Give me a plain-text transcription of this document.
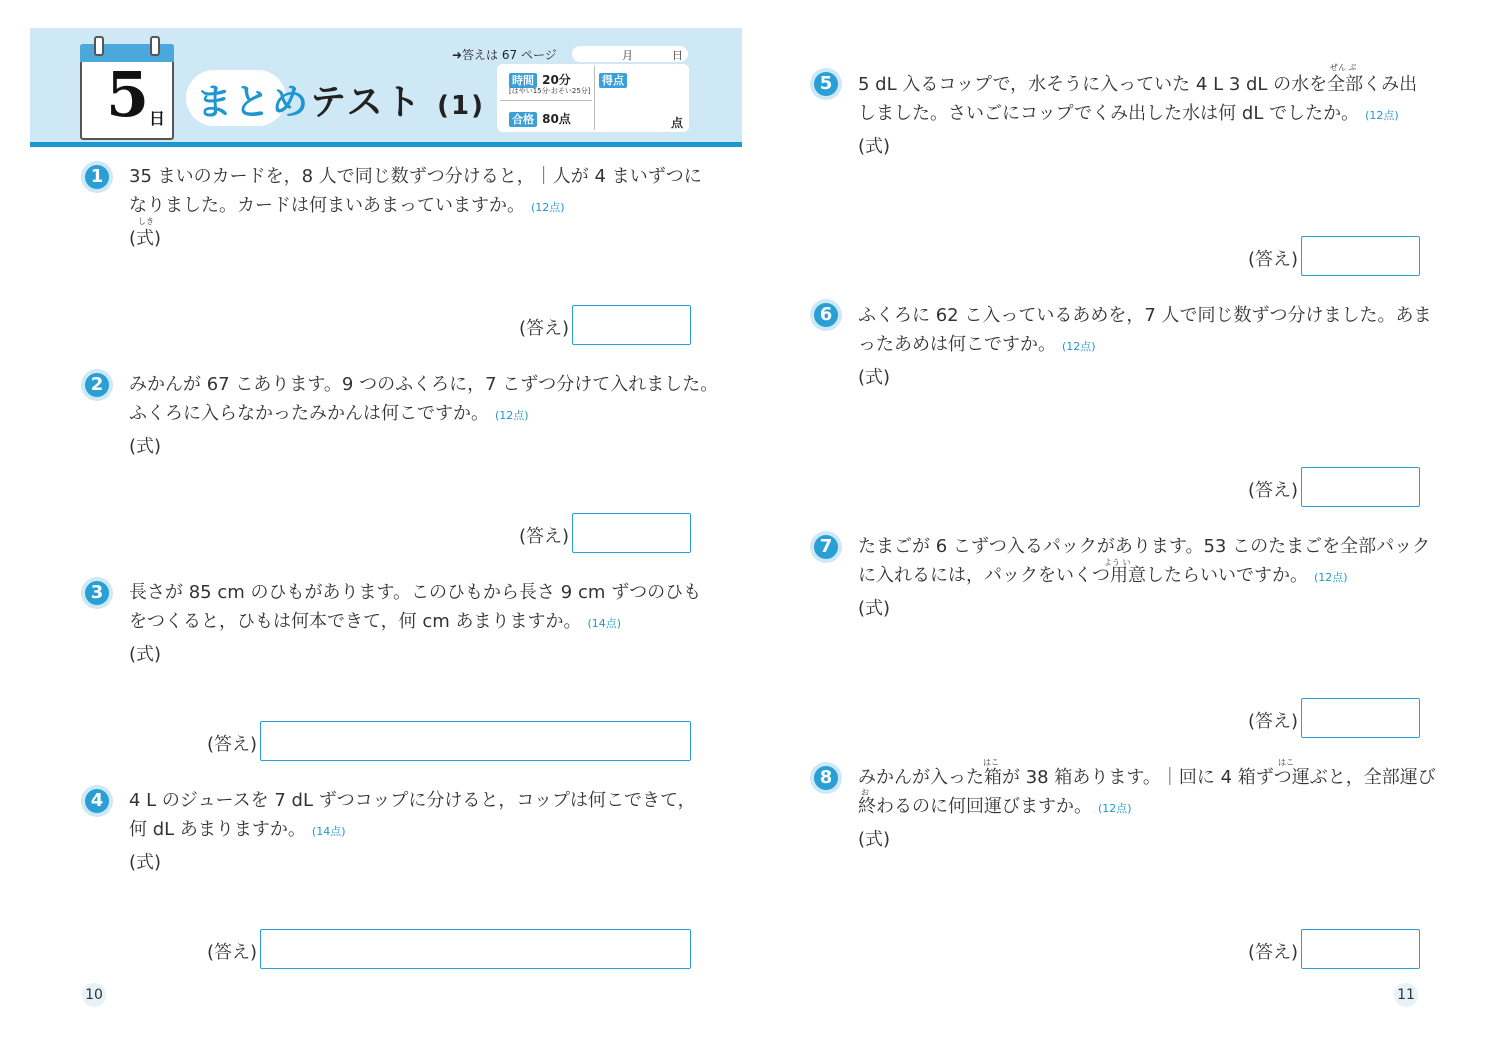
5 日 まとめテスト (1)
➜答えは 67 ページ	月	日
時間 20分
[はやい15分·おそい25分]
合格 80点
得点
点
1	35 まいのカードを，8 人で同じ数ずつ分けると，｜人が 4 まいずつに
なりました。カードは何まいあまっていますか。 (12点)
しき
(式)
(答え)
2	みかんが 67 こあります。9 つのふくろに，7 こずつ分けて入れました。
ふくろに入らなかったみかんは何こですか。 (12点)
(式)
(答え)
3	長さが 85 cm のひもがあります。このひもから長さ 9 cm ずつのひも
をつくると，ひもは何本できて，何 cm あまりますか。 (14点)
(式)
(答え)
4	4 L のジュースを 7 dL ずつコップに分けると，コップは何こできて，
何 dL あまりますか。 (14点)
(式)
(答え)
10
5
ぜん ぶ
5 dL 入るコップで，水そうに入っていた 4 L 3 dL の水を全部くみ出
しました。さいごにコップでくみ出した水は何 dL でしたか。 (12点)
(式)
(答え)
6	ふくろに 62 こ入っているあめを，7 人で同じ数ずつ分けました。あま
ったあめは何こですか。 (12点)
(式)
(答え)
7
よう い
たまごが 6 こずつ入るパックがあります。53 このたまごを全部パック
に入れるには，パックをいくつ用意したらいいですか。 (12点)
(式)
(答え)
8
はこ	はこ
お
みかんが入った箱が 38 箱あります。｜回に 4 箱ずつ運ぶと，全部運び
終わるのに何回運びますか。 (12点)
(式)
(答え)
11
